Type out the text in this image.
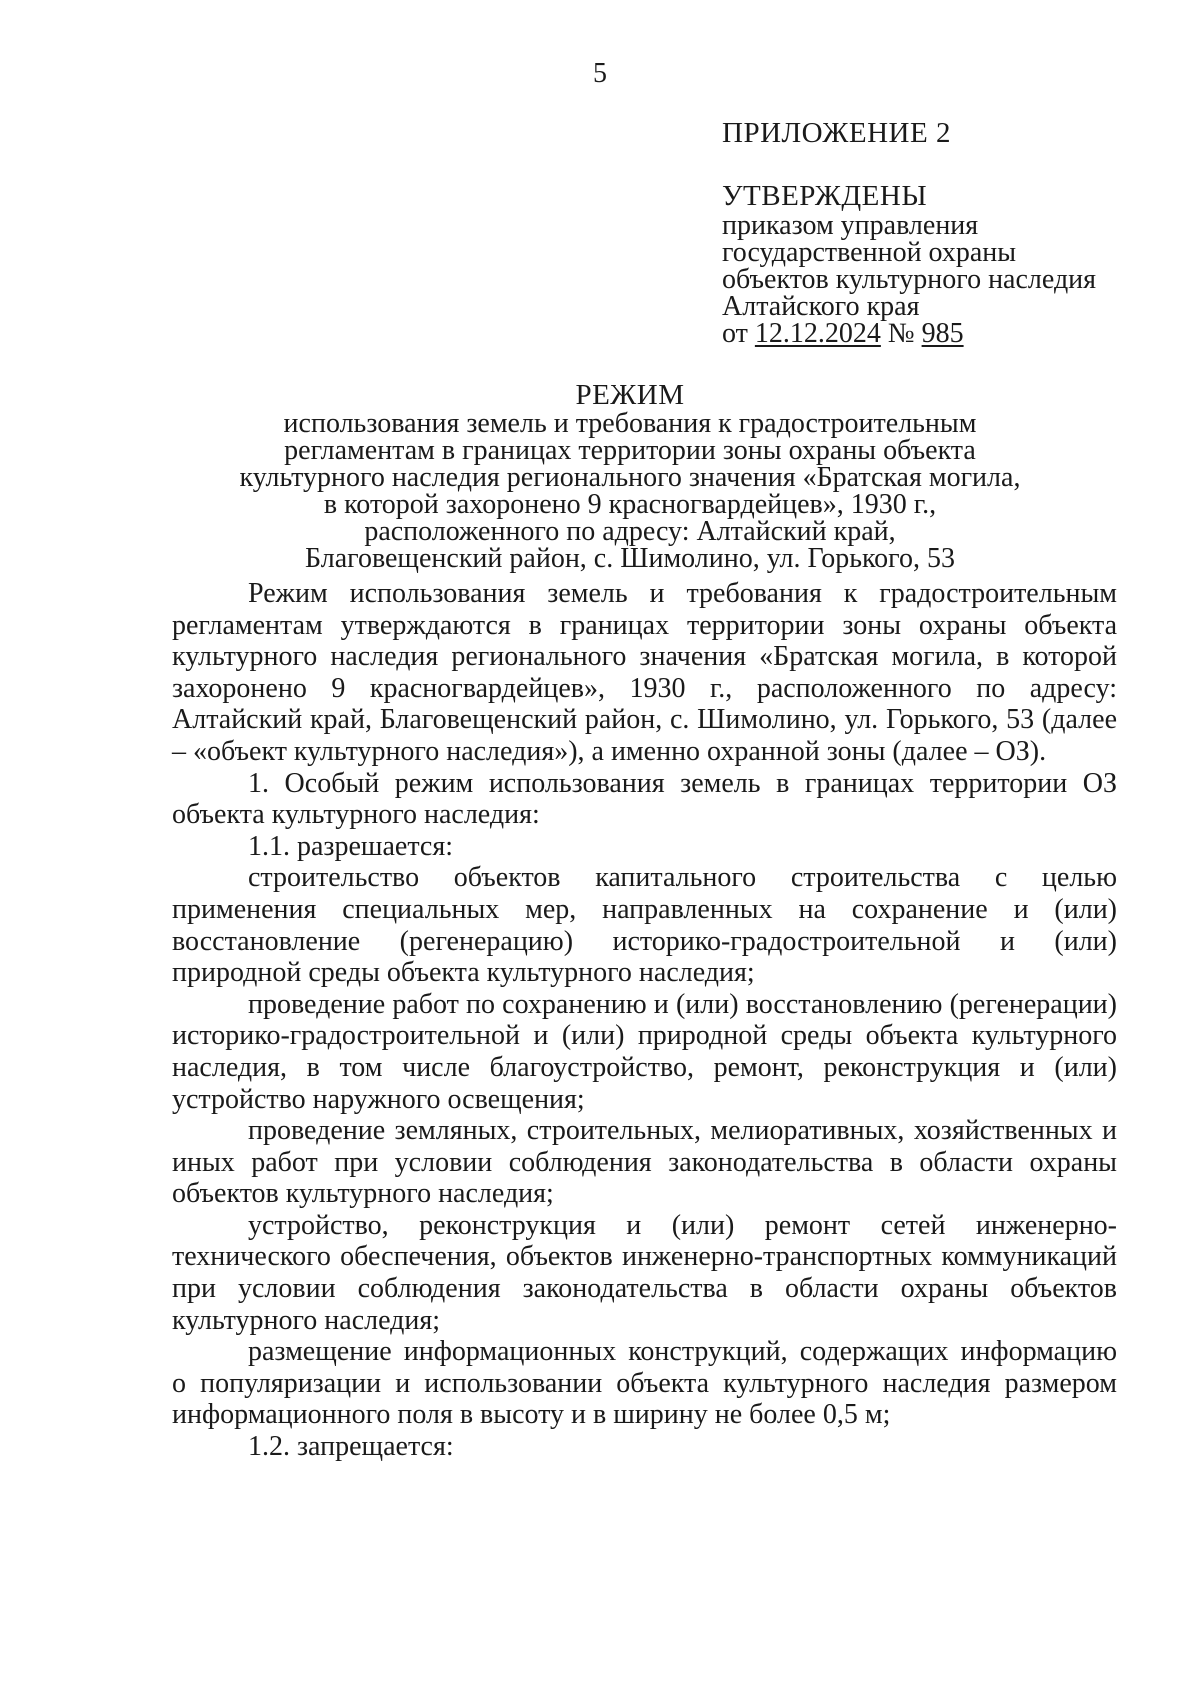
5
ПРИЛОЖЕНИЕ 2
УТВЕРЖДЕНЫ
приказом управления
государственной охраны
объектов культурного наследия
Алтайского края
от 12.12.2024 № 985
РЕЖИМ
использования земель и требования к градостроительным
регламентам в границах территории зоны охраны объекта
культурного наследия регионального значения «Братская могила,
в которой захоронено 9 красногвардейцев», 1930 г.,
расположенного по адресу: Алтайский край,
Благовещенский район, с. Шимолино, ул. Горького, 53

Режим использования земель и требования к градостроительным регламентам утверждаются в границах территории зоны охраны объекта культурного наследия регионального значения «Братская могила, в которой захоронено 9 красногвардейцев», 1930 г., расположенного по адресу: Алтайский край, Благовещенский район, с. Шимолино, ул. Горького, 53 (далее – «объект культурного наследия»), а именно охранной зоны (далее – ОЗ).

1. Особый режим использования земель в границах территории ОЗ объекта культурного наследия:

1.1. разрешается:

строительство объектов капитального строительства с целью применения специальных мер, направленных на сохранение и (или) восстановление (регенерацию) историко-градостроительной и (или) природной среды объекта культурного наследия;

проведение работ по сохранению и (или) восстановлению (регенерации) историко-градостроительной и (или) природной среды объекта культурного наследия, в том числе благоустройство, ремонт, реконструкция и (или) устройство наружного освещения;

проведение земляных, строительных, мелиоративных, хозяйственных и иных работ при условии соблюдения законодательства в области охраны объектов культурного наследия;

устройство, реконструкция и (или) ремонт сетей инженерно-технического обеспечения, объектов инженерно-транспортных коммуникаций при условии соблюдения законодательства в области охраны объектов культурного наследия;

размещение информационных конструкций, содержащих информацию о популяризации и использовании объекта культурного наследия размером информационного поля в высоту и в ширину не более 0,5 м;

1.2. запрещается:
